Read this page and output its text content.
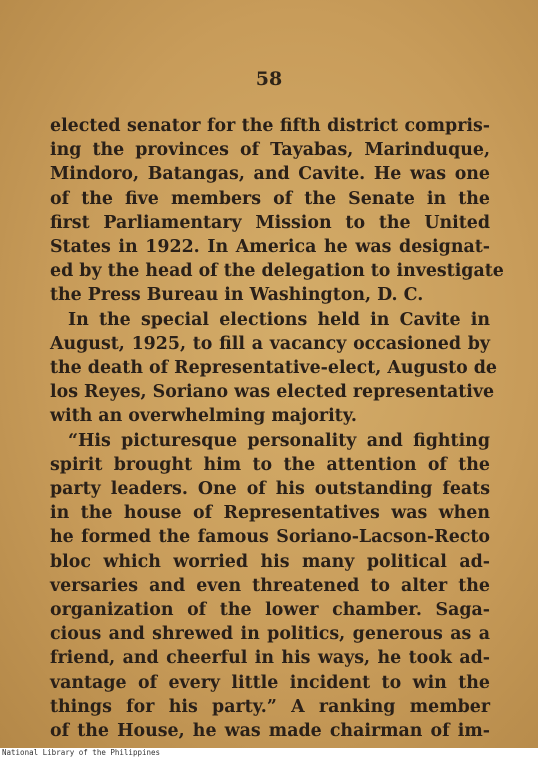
58
elected senator for the fifth district compris-
ing the provinces of Tayabas, Marinduque,
Mindoro, Batangas, and Cavite. He was one
of the five members of the Senate in the
first Parliamentary Mission to the United
States in 1922. In America he was designat-
ed by the head of the delegation to investigate
the Press Bureau in Washington, D. C.
In the special elections held in Cavite in
August, 1925, to fill a vacancy occasioned by
the death of Representative-elect, Augusto de
los Reyes, Soriano was elected representative
with an overwhelming majority.
“His picturesque personality and fighting
spirit brought him to the attention of the
party leaders. One of his outstanding feats
in the house of Representatives was when
he formed the famous Soriano-Lacson-Recto
bloc which worried his many political ad-
versaries and even threatened to alter the
organization of the lower chamber. Saga-
cious and shrewed in politics, generous as a
friend, and cheerful in his ways, he took ad-
vantage of every little incident to win the
things for his party.” A ranking member
of the House, he was made chairman of im-
National Library of the Philippines
